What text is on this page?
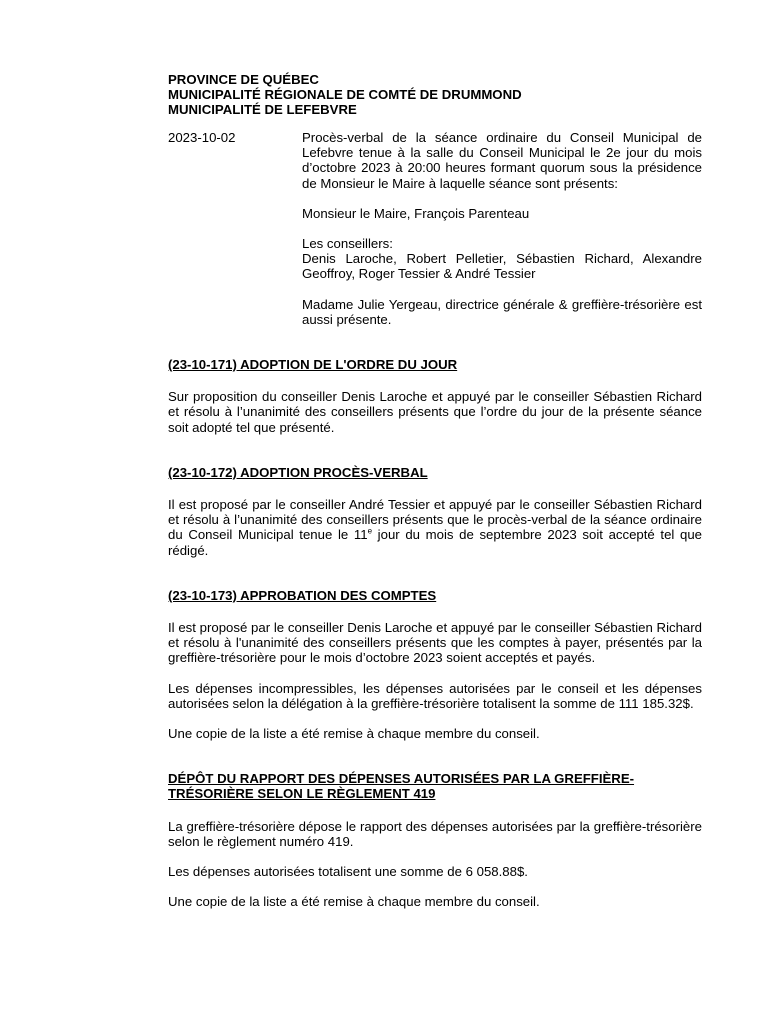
PROVINCE DE QUÉBEC

MUNICIPALITÉ RÉGIONALE DE COMTÉ DE DRUMMOND

MUNICIPALITÉ DE LEFEBVRE

2023-10-02	Procès-verbal de la séance ordinaire du Conseil Municipal de Lefebvre tenue à la salle du Conseil Municipal le 2e jour du mois d’octobre 2023 à 20:00 heures formant quorum sous la présidence de Monsieur le Maire à laquelle séance sont présents:

Monsieur le Maire, François Parenteau

Les conseillers:
Denis Laroche, Robert Pelletier, Sébastien Richard, Alexandre Geoffroy, Roger Tessier & André Tessier

Madame Julie Yergeau, directrice générale & greffière-trésorière est aussi présente.

(23-10-171) ADOPTION DE L'ORDRE DU JOUR

Sur proposition du conseiller Denis Laroche et appuyé par le conseiller Sébastien Richard et résolu à l’unanimité des conseillers présents que l’ordre du jour de la présente séance soit adopté tel que présenté.

(23-10-172) ADOPTION PROCÈS-VERBAL

Il est proposé par le conseiller André Tessier et appuyé par le conseiller Sébastien Richard et résolu à l’unanimité des conseillers présents que le procès-verbal de la séance ordinaire du Conseil Municipal tenue le 11e jour du mois de septembre 2023 soit accepté tel que rédigé.

(23-10-173) APPROBATION DES COMPTES

Il est proposé par le conseiller Denis Laroche et appuyé par le conseiller Sébastien Richard et résolu à l'unanimité des conseillers présents que les comptes à payer, présentés par la greffière-trésorière pour le mois d’octobre 2023 soient acceptés et payés.

Les dépenses incompressibles, les dépenses autorisées par le conseil et les dépenses autorisées selon la délégation à la greffière-trésorière totalisent la somme de 111 185.32$.

Une copie de la liste a été remise à chaque membre du conseil.

DÉPÔT DU RAPPORT DES DÉPENSES AUTORISÉES PAR LA GREFFIÈRE-TRÉSORIÈRE SELON LE RÈGLEMENT 419

La greffière-trésorière dépose le rapport des dépenses autorisées par la greffière-trésorière selon le règlement numéro 419.

Les dépenses autorisées totalisent une somme de 6 058.88$.

Une copie de la liste a été remise à chaque membre du conseil.
